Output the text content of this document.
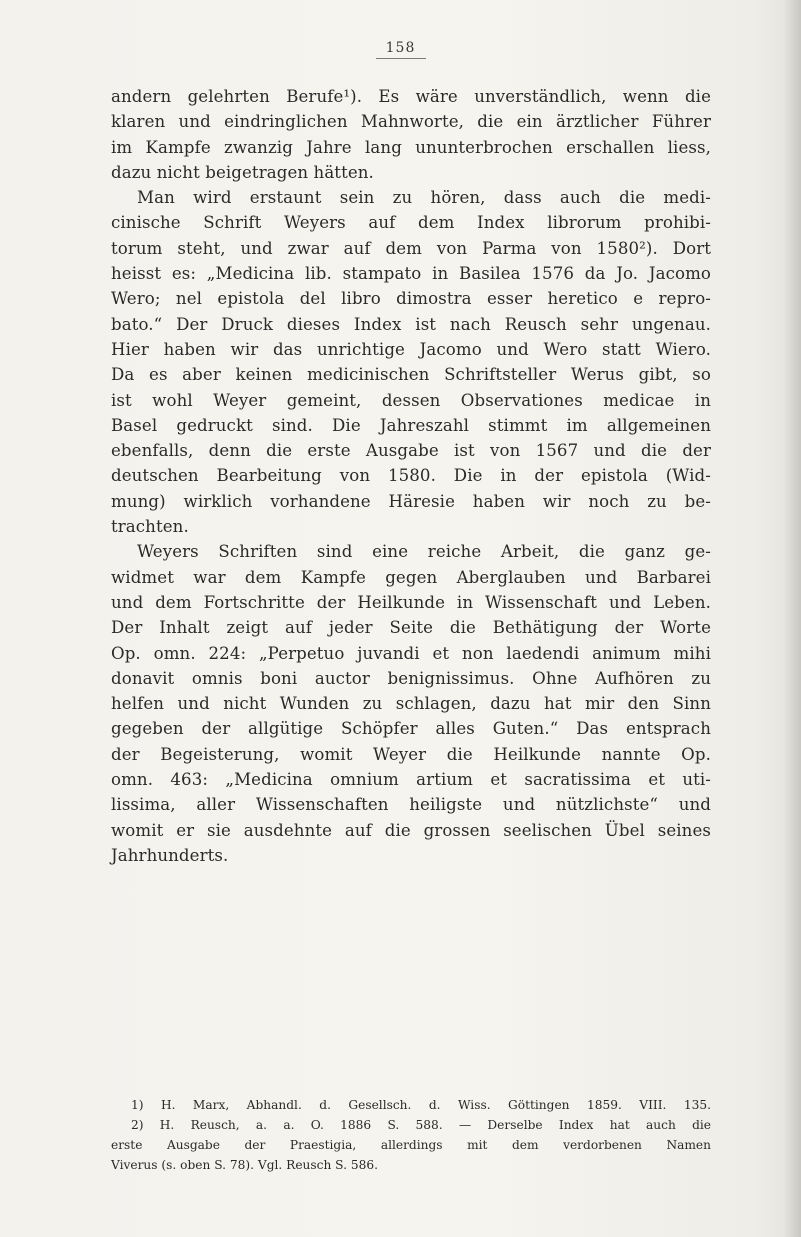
158
andern gelehrten Berufe¹). Es wäre unverständlich, wenn die
klaren und eindringlichen Mahnworte, die ein ärztlicher Führer
im Kampfe zwanzig Jahre lang ununterbrochen erschallen liess,
dazu nicht beigetragen hätten.
Man wird erstaunt sein zu hören, dass auch die medi-
cinische Schrift Weyers auf dem Index librorum prohibi-
torum steht, und zwar auf dem von Parma von 1580²). Dort
heisst es: „Medicina lib. stampato in Basilea 1576 da Jo. Jacomo
Wero; nel epistola del libro dimostra esser heretico e repro-
bato.“ Der Druck dieses Index ist nach Reusch sehr ungenau.
Hier haben wir das unrichtige Jacomo und Wero statt Wiero.
Da es aber keinen medicinischen Schriftsteller Werus gibt, so
ist wohl Weyer gemeint, dessen Observationes medicae in
Basel gedruckt sind. Die Jahreszahl stimmt im allgemeinen
ebenfalls, denn die erste Ausgabe ist von 1567 und die der
deutschen Bearbeitung von 1580. Die in der epistola (Wid-
mung) wirklich vorhandene Häresie haben wir noch zu be-
trachten.
Weyers Schriften sind eine reiche Arbeit, die ganz ge-
widmet war dem Kampfe gegen Aberglauben und Barbarei
und dem Fortschritte der Heilkunde in Wissenschaft und Leben.
Der Inhalt zeigt auf jeder Seite die Bethätigung der Worte
Op. omn. 224: „Perpetuo juvandi et non laedendi animum mihi
donavit omnis boni auctor benignissimus. Ohne Aufhören zu
helfen und nicht Wunden zu schlagen, dazu hat mir den Sinn
gegeben der allgütige Schöpfer alles Guten.“ Das entsprach
der Begeisterung, womit Weyer die Heilkunde nannte Op.
omn. 463: „Medicina omnium artium et sacratissima et uti-
lissima, aller Wissenschaften heiligste und nützlichste“ und
womit er sie ausdehnte auf die grossen seelischen Übel seines
Jahrhunderts.
1) H. Marx, Abhandl. d. Gesellsch. d. Wiss. Göttingen 1859. VIII. 135.
2) H. Reusch, a. a. O. 1886 S. 588. — Derselbe Index hat auch die
erste Ausgabe der Praestigia, allerdings mit dem verdorbenen Namen
Viverus (s. oben S. 78). Vgl. Reusch S. 586.
